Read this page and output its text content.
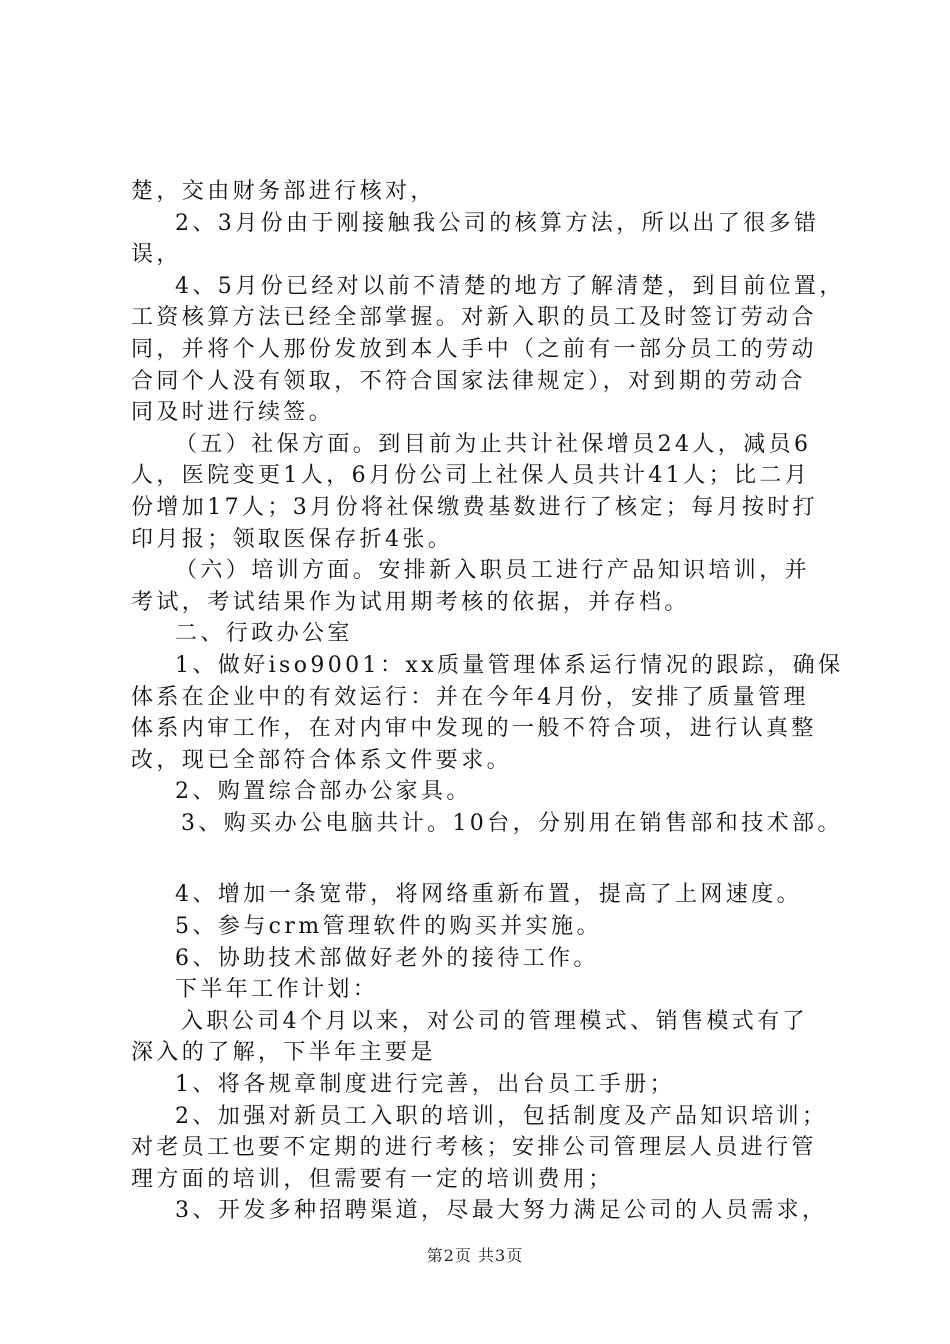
楚，交由财务部进行核对，
2、3月份由于刚接触我公司的核算方法，所以出了很多错
误，
4、5月份已经对以前不清楚的地方了解清楚，到目前位置，
工资核算方法已经全部掌握。对新入职的员工及时签订劳动合
同，并将个人那份发放到本人手中（之前有一部分员工的劳动
合同个人没有领取，不符合国家法律规定），对到期的劳动合
同及时进行续签。
（五）社保方面。到目前为止共计社保增员24人，减员6
人，医院变更1人，6月份公司上社保人员共计41人；比二月
份增加17人；3月份将社保缴费基数进行了核定；每月按时打
印月报；领取医保存折4张。
（六）培训方面。安排新入职员工进行产品知识培训，并
考试，考试结果作为试用期考核的依据，并存档。
二、行政办公室
1、做好iso9001：xx质量管理体系运行情况的跟踪，确保
体系在企业中的有效运行：并在今年4月份，安排了质量管理
体系内审工作，在对内审中发现的一般不符合项，进行认真整
改，现已全部符合体系文件要求。
2、购置综合部办公家具。
3、购买办公电脑共计。10台，分别用在销售部和技术部。
4、增加一条宽带，将网络重新布置，提高了上网速度。
5、参与crm管理软件的购买并实施。
6、协助技术部做好老外的接待工作。
下半年工作计划：
入职公司4个月以来，对公司的管理模式、销售模式有了
深入的了解，下半年主要是
1、将各规章制度进行完善，出台员工手册；
2、加强对新员工入职的培训，包括制度及产品知识培训；
对老员工也要不定期的进行考核；安排公司管理层人员进行管
理方面的培训，但需要有一定的培训费用；
3、开发多种招聘渠道，尽最大努力满足公司的人员需求，
第2页 共3页
